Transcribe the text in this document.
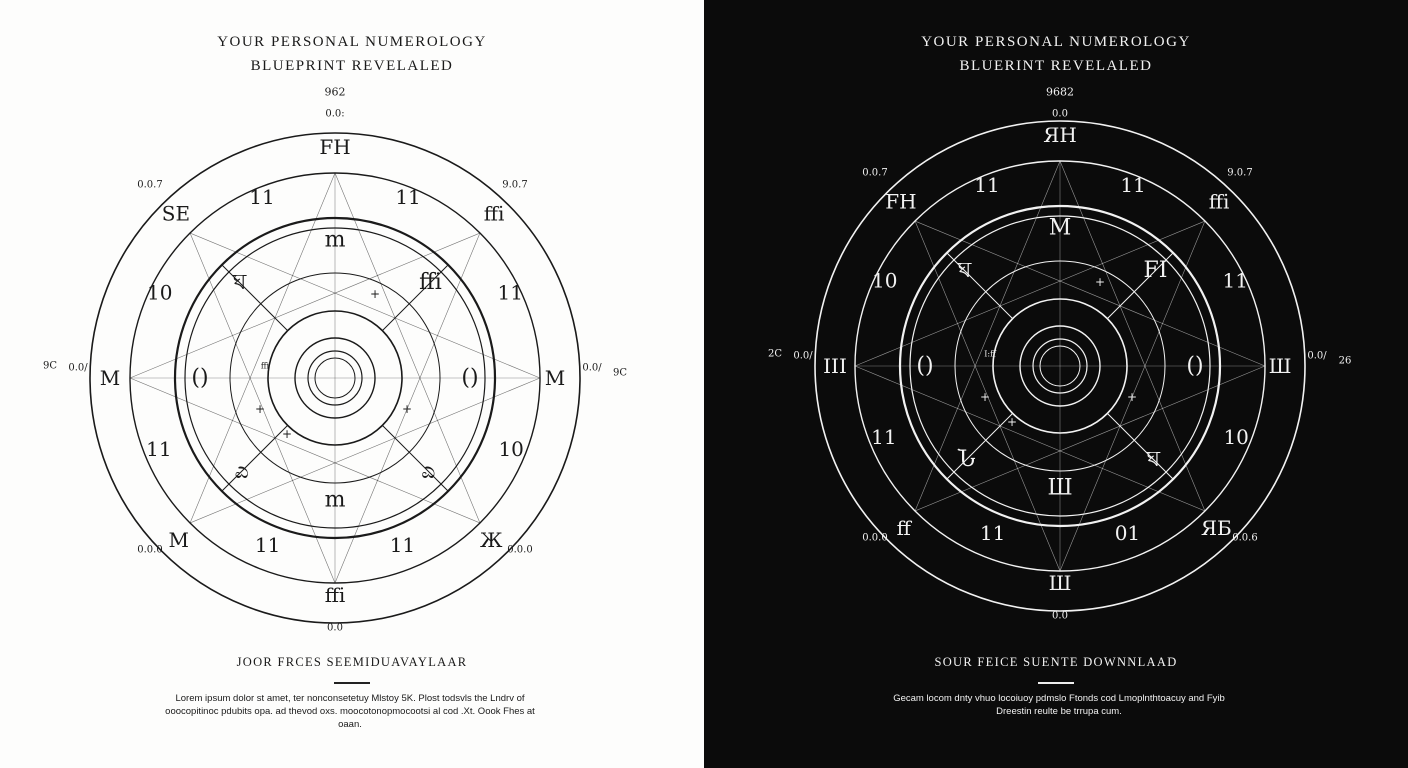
YOUR PERSONAL NUMEROLOGY
BLUEPRINT REVELALED
+
+	+
+
FH
11	11
SE	ffi
10	11
M	M
11	10
M	Ж
11	11
ffi
m
ঘ	ffi
()	()
ಎ	ಎ
m
0.0:
0.0.7	9.0.7
9C 0.0/	0.0/ 9C
0.0.0	0.0.0
0.0
ffi
962
JOOR FRCES SEEMIDUAVAYLAAR
Lorem ipsum dolor st amet, ter nonconsetetuy Mlstoy 5K. Plost todsvls the Lndrv of ooocopitinoc pdubits opa. ad thevod oxs. moocotonopmocootsi al cod .Xt. Oook Fhes at oaan.
YOUR PERSONAL NUMEROLOGY
BLUERINT REVELALED
+
+	+
+
ЯH
11	11
FH	ffi
10	11
III	Ш
11	10
ff	ЯБ
11	01
Ш
M
ঘ	FI
()	()
Ն	ঘ
Ш
0.0
0.0.7	9.0.7
2C 0.0/	0.0/ 26
0.0.0	0.0.6
0.0
I:ff
9682
SOUR FEICE SUENTE DOWNNLAAD
Gecam locom dnty vhuo locoiuoy pdmslo Ftonds cod Lmoplnthtoacuy and Fyib Dreestin reulte be trrupa cum.
